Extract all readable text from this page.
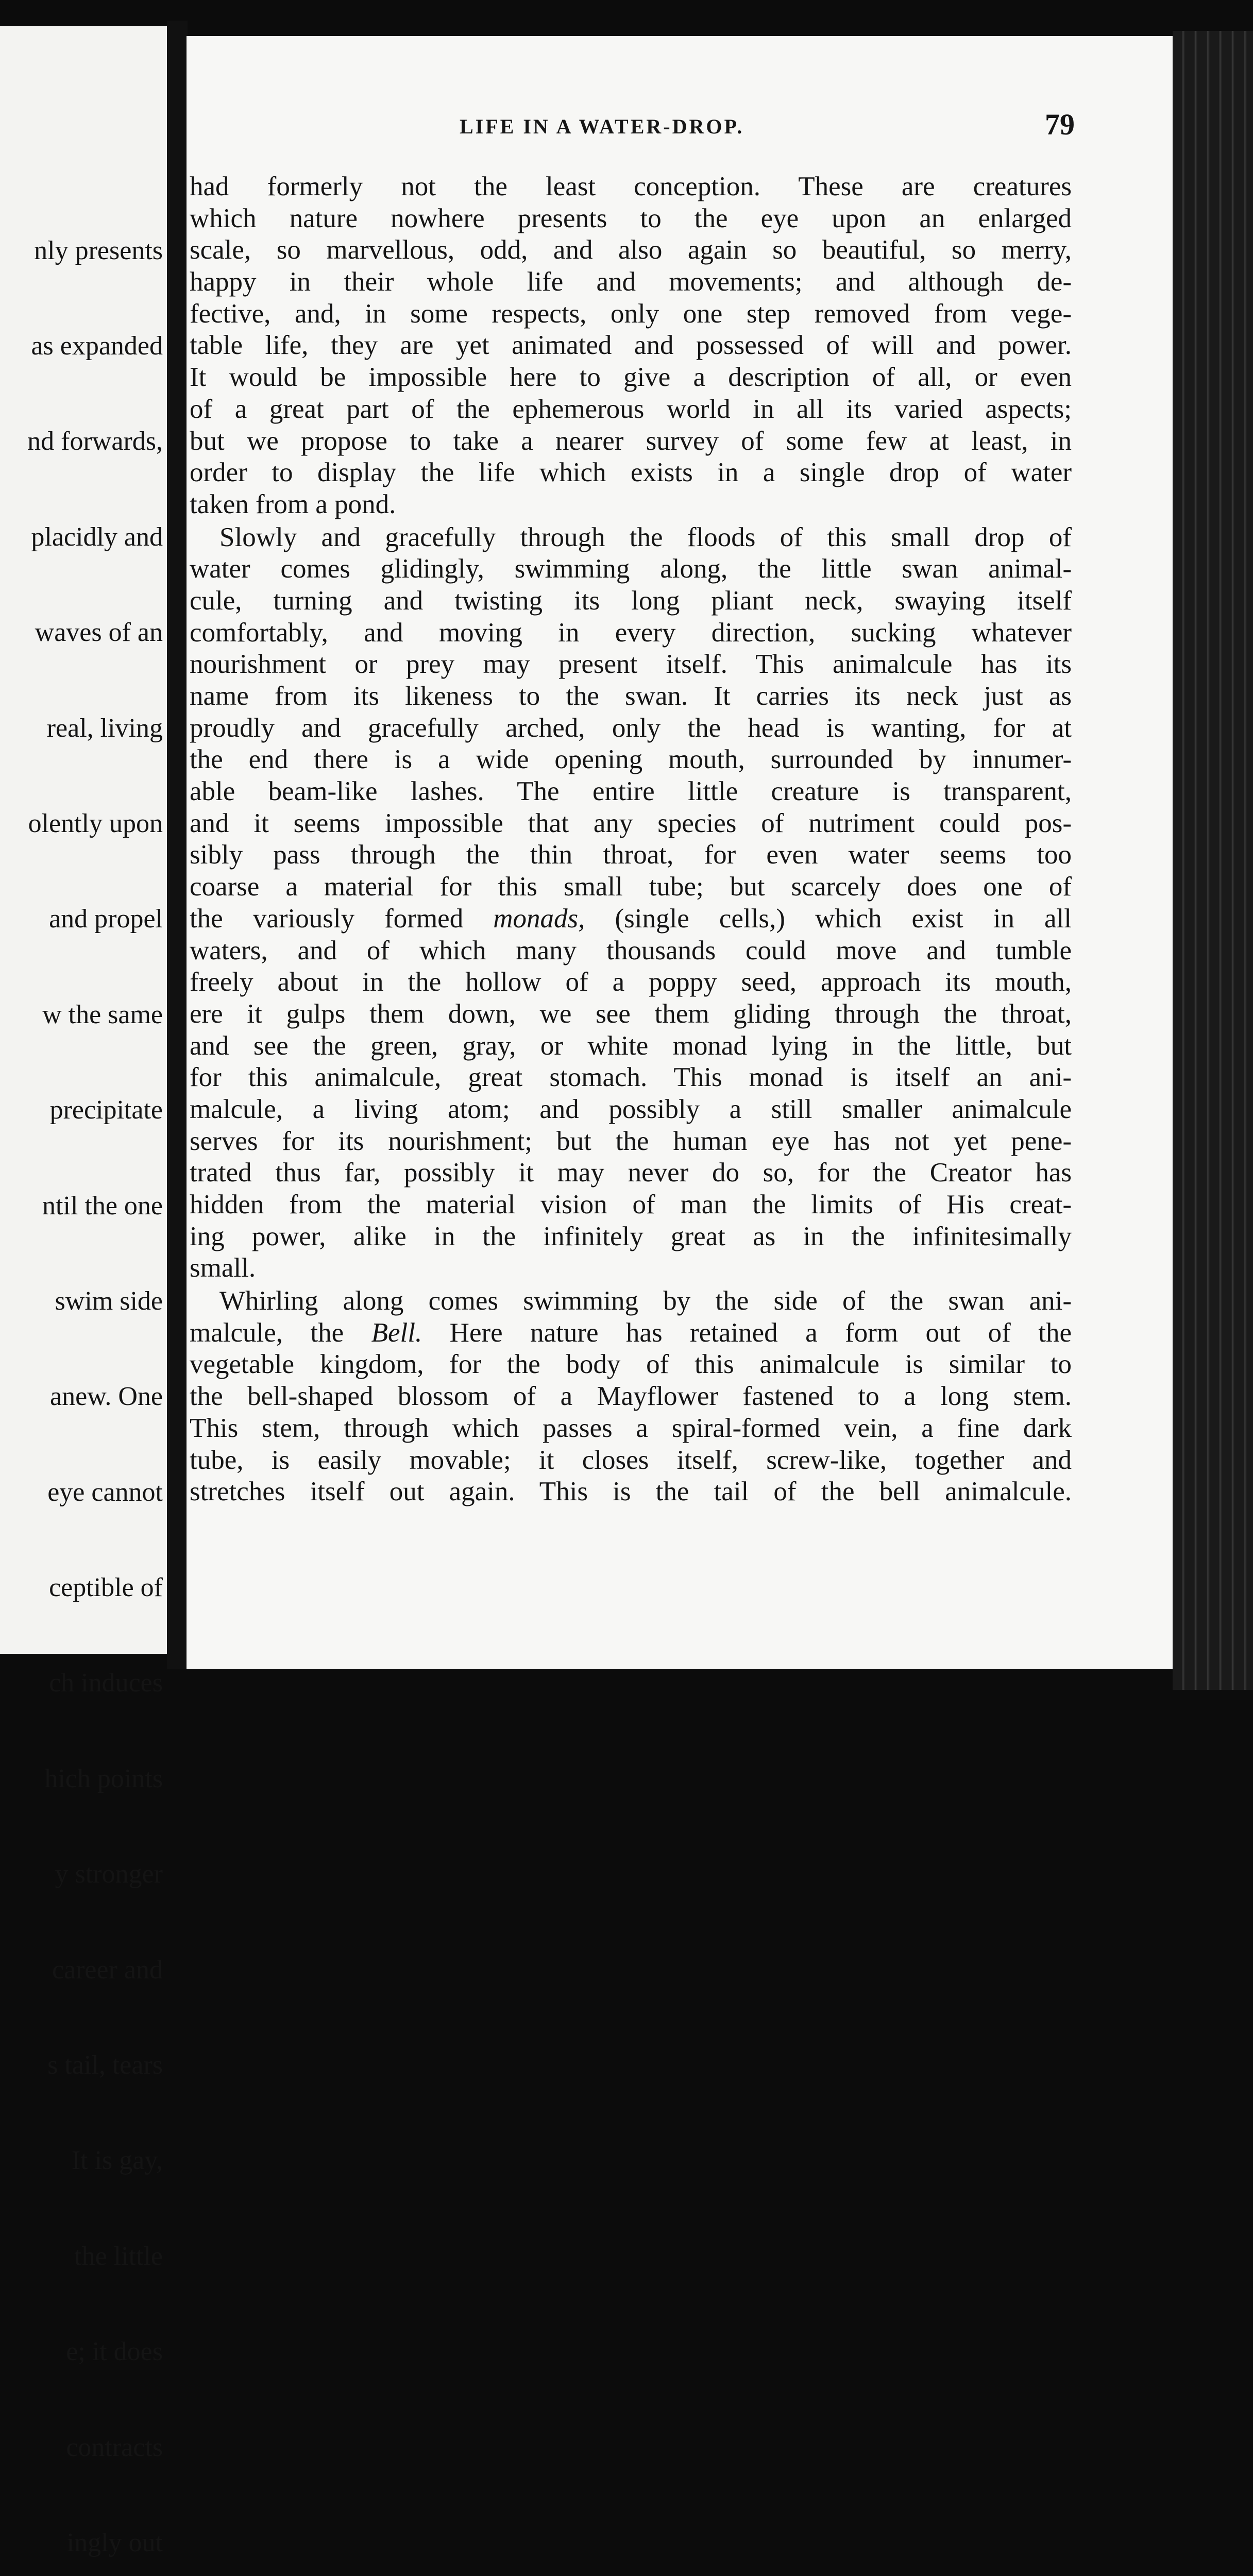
nly presents

as expanded

nd forwards,

placidly and

waves of an

real, living

olently upon

and propel

w the same

precipitate

ntil the one

swim side

anew. One

eye cannot

ceptible of

ch induces

hich points

y stronger

career and

s tail, tears

It is gay,

the little

e; it does

contracts

ingly out

LIFE IN A WATER-DROP.	79
had formerly not the least conception. These are creatures
which nature nowhere presents to the eye upon an enlarged
scale, so marvellous, odd, and also again so beautiful, so merry,
happy in their whole life and movements; and although de-
fective, and, in some respects, only one step removed from vege-
table life, they are yet animated and possessed of will and power.
It would be impossible here to give a description of all, or even
of a great part of the ephemerous world in all its varied aspects;
but we propose to take a nearer survey of some few at least, in
order to display the life which exists in a single drop of water
taken from a pond.
Slowly and gracefully through the floods of this small drop of
water comes glidingly, swimming along, the little swan animal-
cule, turning and twisting its long pliant neck, swaying itself
comfortably, and moving in every direction, sucking whatever
nourishment or prey may present itself. This animalcule has its
name from its likeness to the swan. It carries its neck just as
proudly and gracefully arched, only the head is wanting, for at
the end there is a wide opening mouth, surrounded by innumer-
able beam-like lashes. The entire little creature is transparent,
and it seems impossible that any species of nutriment could pos-
sibly pass through the thin throat, for even water seems too
coarse a material for this small tube; but scarcely does one of
the variously formed monads, (single cells,) which exist in all
waters, and of which many thousands could move and tumble
freely about in the hollow of a poppy seed, approach its mouth,
ere it gulps them down, we see them gliding through the throat,
and see the green, gray, or white monad lying in the little, but
for this animalcule, great stomach. This monad is itself an ani-
malcule, a living atom; and possibly a still smaller animalcule
serves for its nourishment; but the human eye has not yet pene-
trated thus far, possibly it may never do so, for the Creator has
hidden from the material vision of man the limits of His creat-
ing power, alike in the infinitely great as in the infinitesimally
small.
Whirling along comes swimming by the side of the swan ani-
malcule, the Bell. Here nature has retained a form out of the
vegetable kingdom, for the body of this animalcule is similar to
the bell-shaped blossom of a Mayflower fastened to a long stem.
This stem, through which passes a spiral-formed vein, a fine dark
tube, is easily movable; it closes itself, screw-like, together and
stretches itself out again. This is the tail of the bell animalcule.
